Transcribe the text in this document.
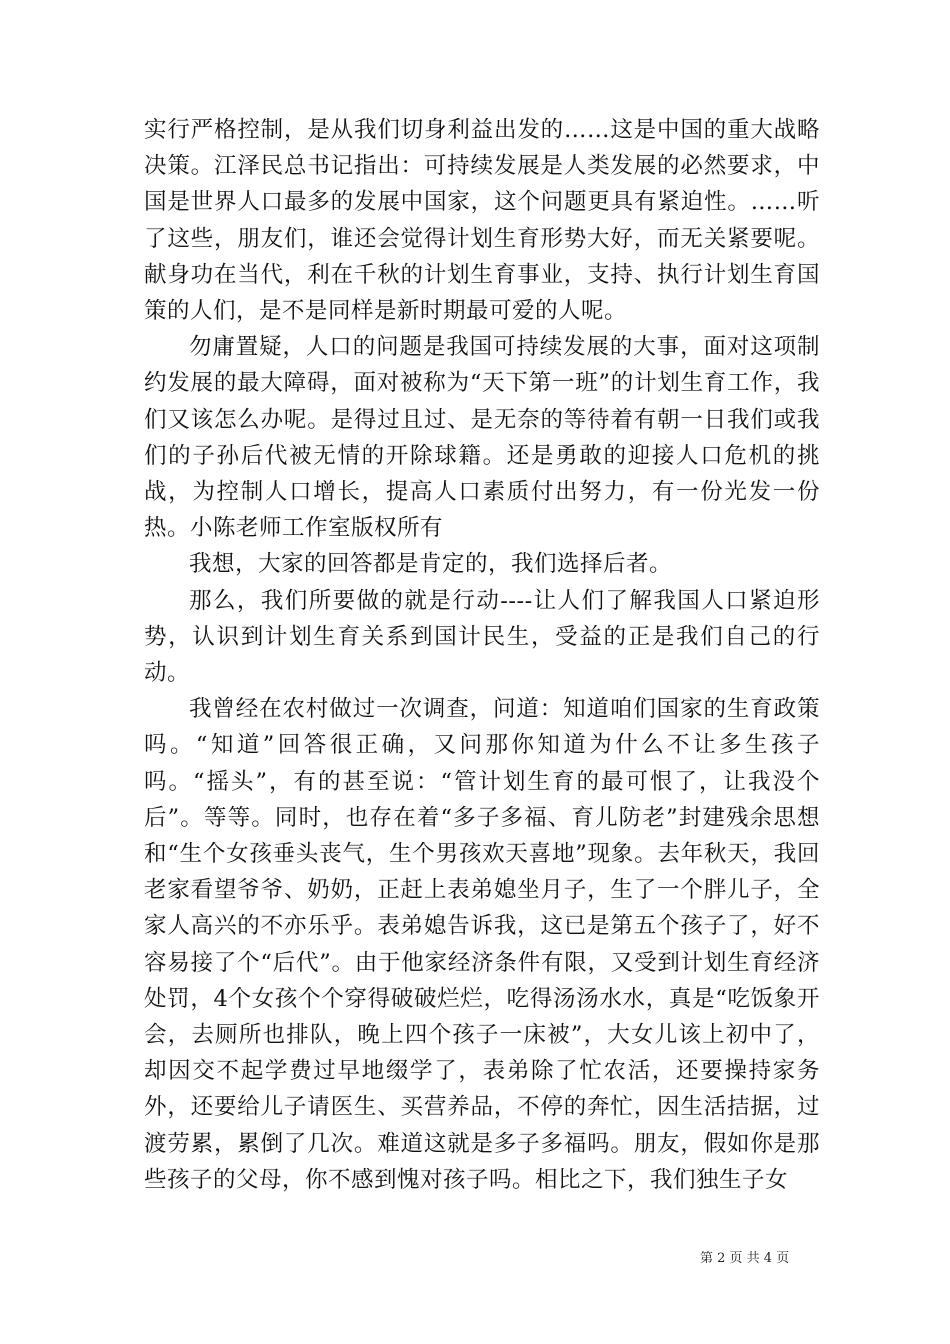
实行严格控制，是从我们切身利益出发的……这是中国的重大战略决策。江泽民总书记指出：可持续发展是人类发展的必然要求，中国是世界人口最多的发展中国家，这个问题更具有紧迫性。……听了这些，朋友们，谁还会觉得计划生育形势大好，而无关紧要呢。献身功在当代，利在千秋的计划生育事业，支持、执行计划生育国策的人们，是不是同样是新时期最可爱的人呢。

勿庸置疑，人口的问题是我国可持续发展的大事，面对这项制约发展的最大障碍，面对被称为“天下第一班”的计划生育工作，我们又该怎么办呢。是得过且过、是无奈的等待着有朝一日我们或我们的子孙后代被无情的开除球籍。还是勇敢的迎接人口危机的挑战，为控制人口增长，提高人口素质付出努力，有一份光发一份热。小陈老师工作室版权所有

我想，大家的回答都是肯定的，我们选择后者。

那么，我们所要做的就是行动----让人们了解我国人口紧迫形势，认识到计划生育关系到国计民生，受益的正是我们自己的行动。

我曾经在农村做过一次调查，问道：知道咱们国家的生育政策吗。“知道”回答很正确，又问那你知道为什么不让多生孩子吗。“摇头”，有的甚至说：“管计划生育的最可恨了，让我没个后”。等等。同时，也存在着“多子多福、育儿防老”封建残余思想和“生个女孩垂头丧气，生个男孩欢天喜地”现象。去年秋天，我回老家看望爷爷、奶奶，正赶上表弟媳坐月子，生了一个胖儿子，全家人高兴的不亦乐乎。表弟媳告诉我，这已是第五个孩子了，好不容易接了个“后代”。由于他家经济条件有限，又受到计划生育经济处罚，4个女孩个个穿得破破烂烂，吃得汤汤水水，真是“吃饭象开会，去厕所也排队，晚上四个孩子一床被”，大女儿该上初中了，却因交不起学费过早地缀学了，表弟除了忙农活，还要操持家务外，还要给儿子请医生、买营养品，不停的奔忙，因生活拮据，过渡劳累，累倒了几次。难道这就是多子多福吗。朋友，假如你是那些孩子的父母，你不感到愧对孩子吗。相比之下，我们独生子女

第 2 页 共 4 页
